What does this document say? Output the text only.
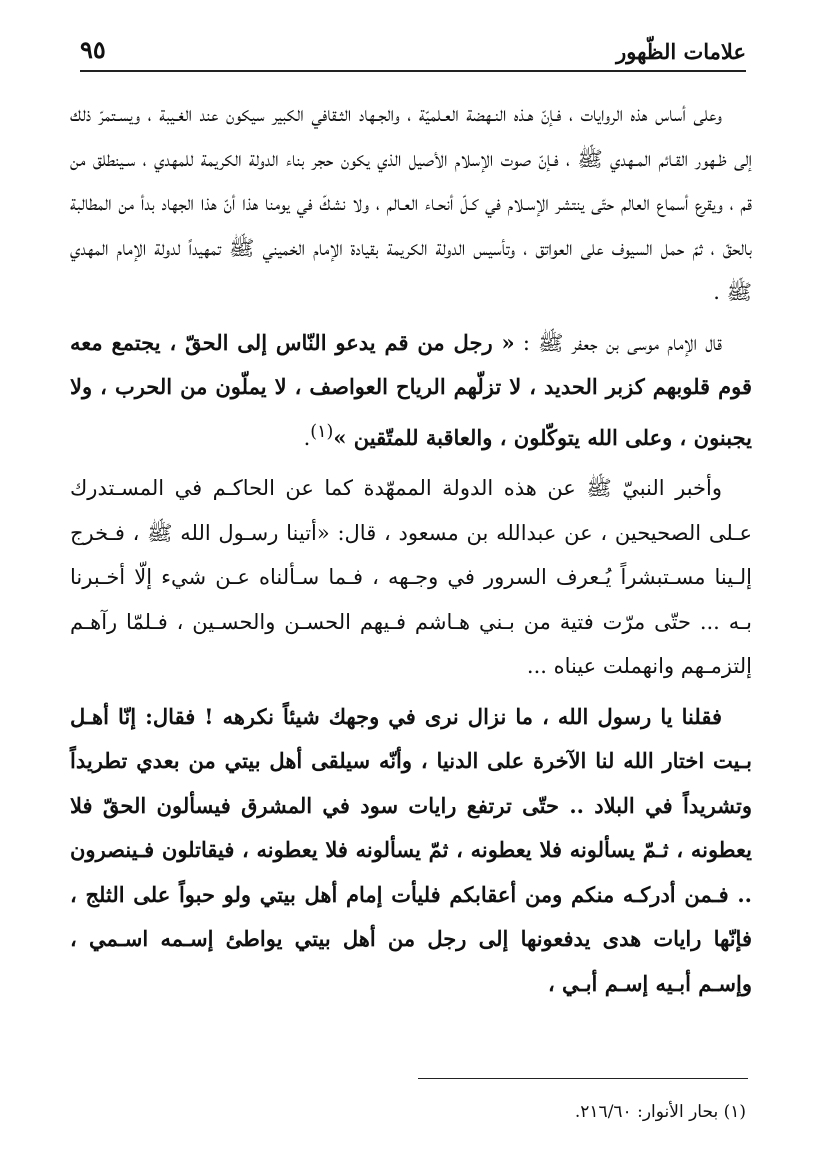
علامات الظّهور
٩٥

وعلى أساس هذه الروايات ، فـإنّ هـذه النـهضة العـلميّة ، والجـهاد الثـقافي الكبير سيكون عند الغـيبة ، ويسـتمرّ ذلك إلى ظـهور القـائم المـهدي ﷺ ، فـإنّ صوت الإسلام الأصيل الذي يكون حجر بناء الدولة الكريمة للمهدي ، سـينطلق من قم ، ويقرع أسماع العالم حتّى ينتشر الإسـلام في كـلّ أنحـاء العـالم ، ولا نشكّ في يومنا هذا أنّ هذا الجهاد بدأ من المطالبة بالحقّ ، ثمّ حمل السيوف على العواتق ، وتأسيس الدولة الكريمة بقيادة الإمام الخميني ﷺ تمهيداً لدولة الإمام المهدي ﷺ .

قال الإمام موسى بن جعفر ﷺ : « رجل من قم يدعو النّاس إلى الحقّ ، يجتمع معه قوم قلوبهم كزبر الحديد ، لا تزلّهم الرياح العواصف ، لا يملّون من الحرب ، ولا يجبنون ، وعلى الله يتوكّلون ، والعاقبة للمتّقين »$^{(١)}$.

وأخبر النبيّ ﷺ عن هذه الدولة الممهّدة كما عن الحاكـم في المسـتدرك عـلى الصحيحين ، عن عبدالله بن مسعود ، قال: «أتينا رسـول الله ﷺ ، فـخرج إلـينا مسـتبشراً يُـعرف السرور في وجـهه ، فـما سـألناه عـن شيء إلّا أخـبرنا بـه ... حتّى مرّت فتية من بـني هـاشم فـيهم الحسـن والحسـين ، فـلمّا رآهـم إلتزمـهم وانهملت عيناه ...

فقلنا يا رسول الله ، ما نزال نرى في وجهك شيئاً نكرهه ! فقال: إنّا أهـل بـيت اختار الله لنا الآخرة على الدنيا ، وأنّه سيلقى أهل بيتي من بعدي تطريداً وتشريداً في البلاد .. حتّى ترتفع رايات سود في المشرق فيسألون الحقّ فلا يعطونه ، ثـمّ يسألونه فلا يعطونه ، ثمّ يسألونه فلا يعطونه ، فيقاتلون فـينصرون .. فـمن أدركـه منكم ومن أعقابكم فليأت إمام أهل بيتي ولو حبواً على الثلج ، فإنّها رايات هدى يدفعونها إلى رجل من أهل بيتي يواطئ إسـمه اسـمي ، وإسـم أبـيه إسـم أبـي ،

(١) بحار الأنوار: ٢١٦/٦٠.
